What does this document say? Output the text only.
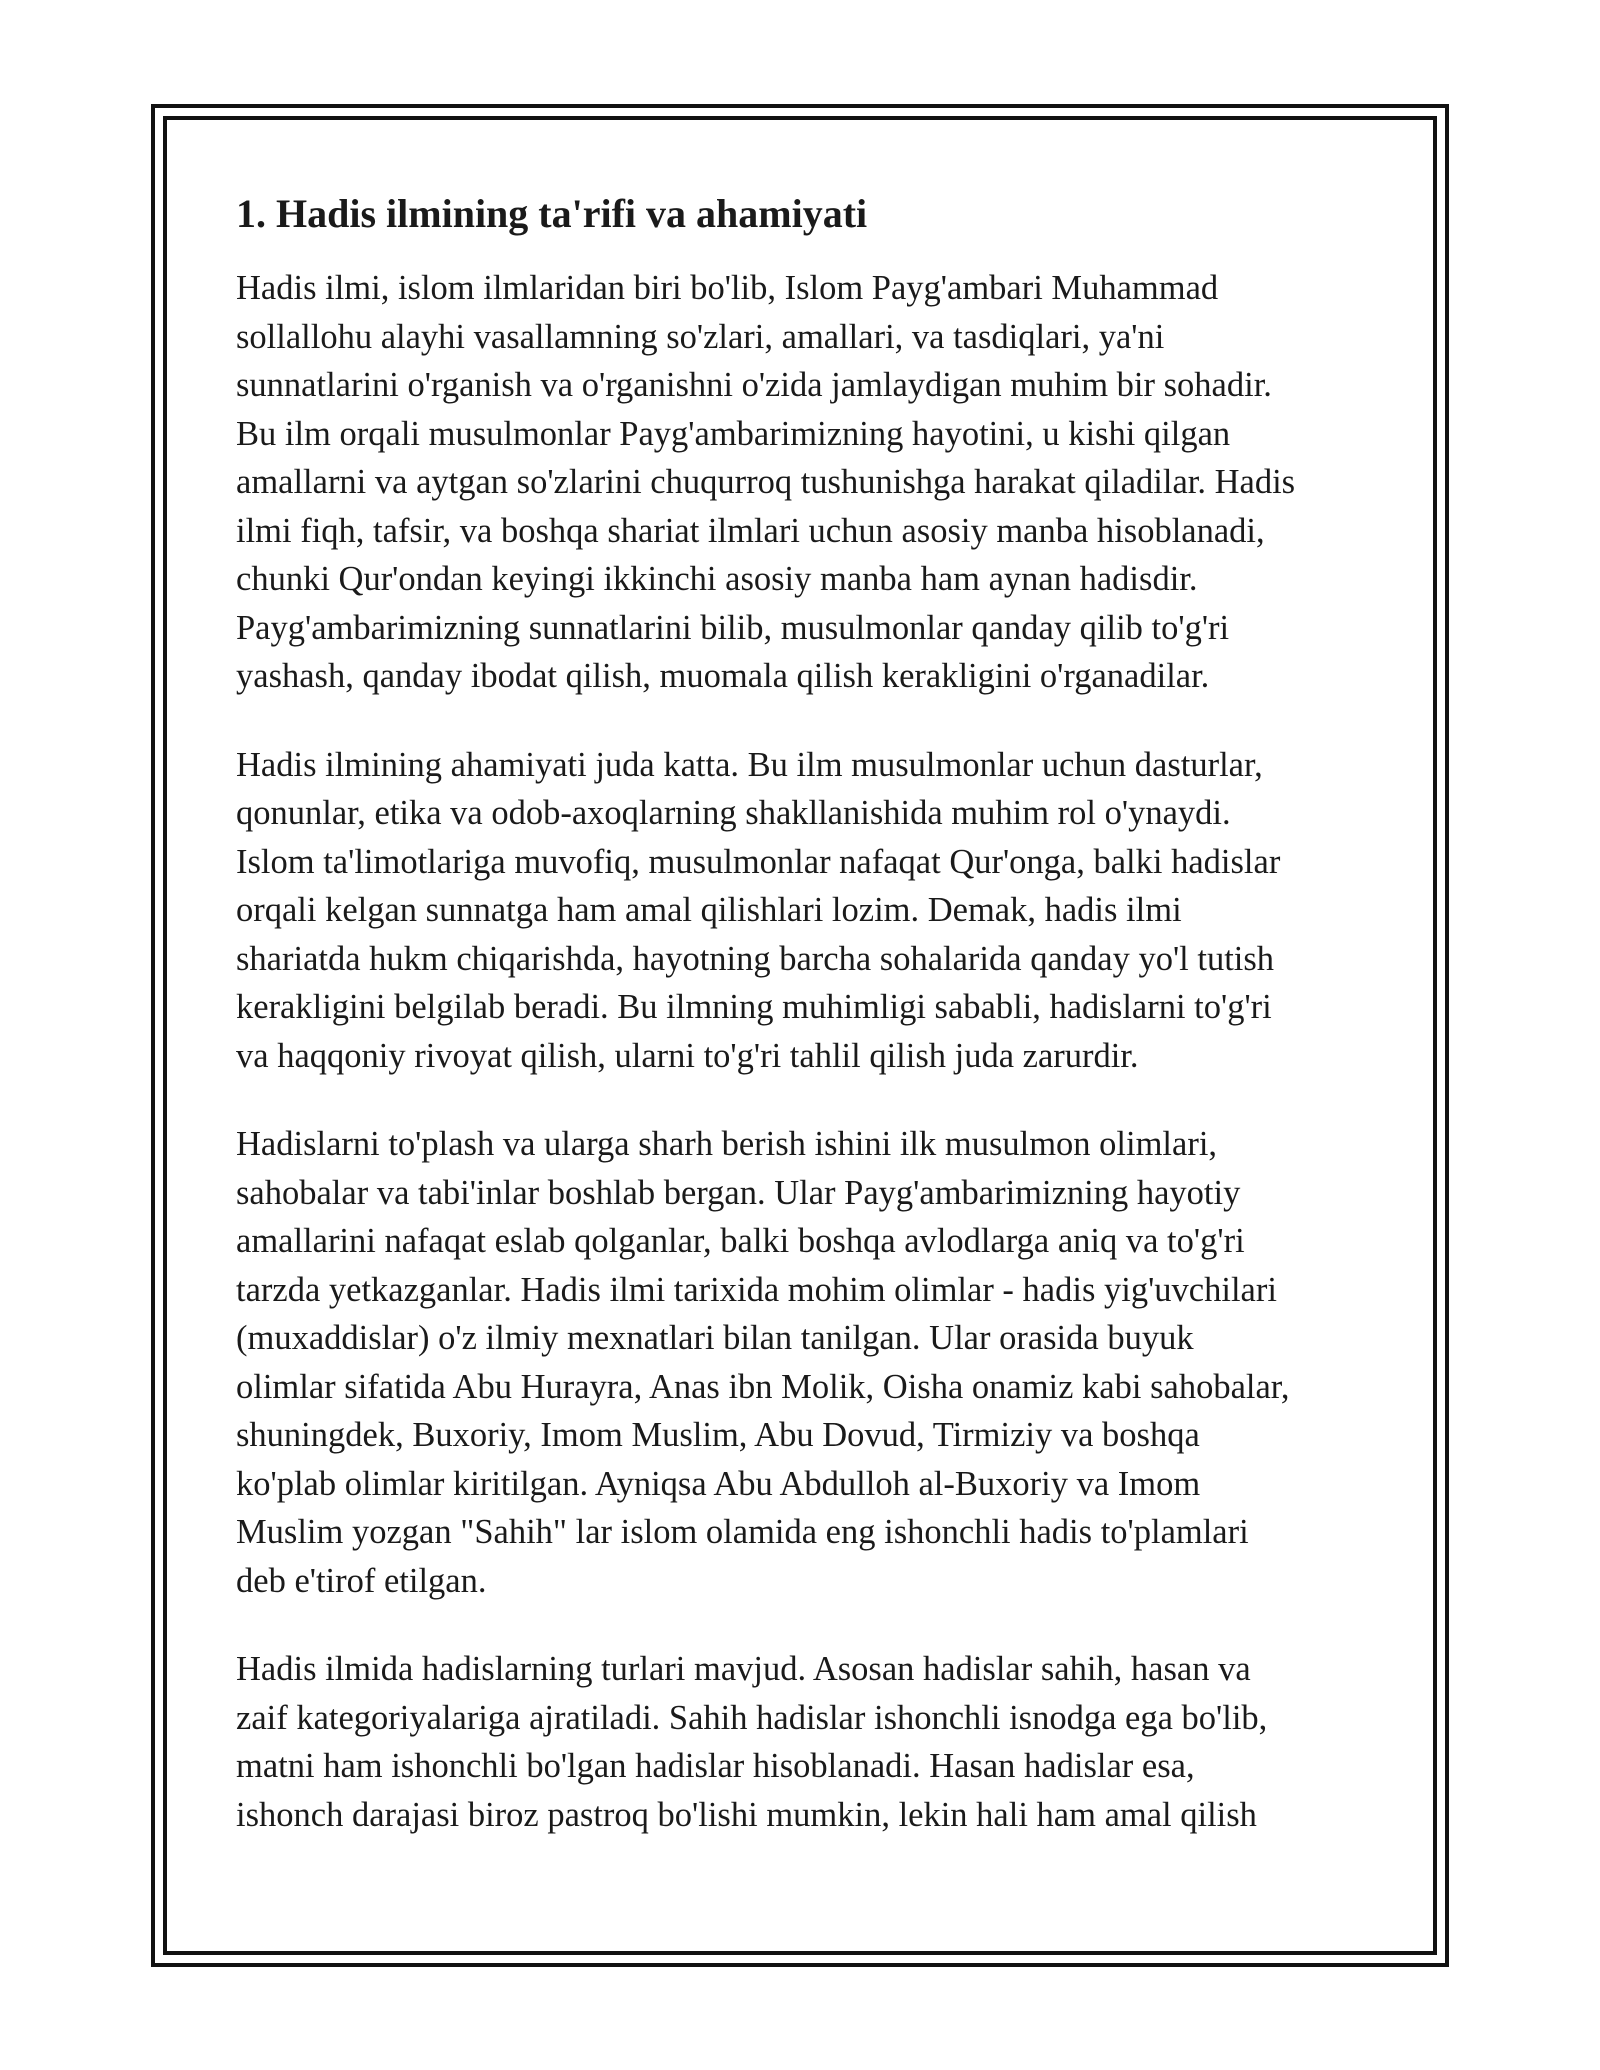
1. Hadis ilmining ta'rifi va ahamiyati

Hadis ilmi, islom ilmlaridan biri bo'lib, Islom Payg'ambari Muhammad
sollallohu alayhi vasallamning so'zlari, amallari, va tasdiqlari, ya'ni
sunnatlarini o'rganish va o'rganishni o'zida jamlaydigan muhim bir sohadir.
Bu ilm orqali musulmonlar Payg'ambarimizning hayotini, u kishi qilgan
amallarni va aytgan so'zlarini chuqurroq tushunishga harakat qiladilar. Hadis
ilmi fiqh, tafsir, va boshqa shariat ilmlari uchun asosiy manba hisoblanadi,
chunki Qur'ondan keyingi ikkinchi asosiy manba ham aynan hadisdir.
Payg'ambarimizning sunnatlarini bilib, musulmonlar qanday qilib to'g'ri
yashash, qanday ibodat qilish, muomala qilish kerakligini o'rganadilar.

Hadis ilmining ahamiyati juda katta. Bu ilm musulmonlar uchun dasturlar,
qonunlar, etika va odob-axoqlarning shakllanishida muhim rol o'ynaydi.
Islom ta'limotlariga muvofiq, musulmonlar nafaqat Qur'onga, balki hadislar
orqali kelgan sunnatga ham amal qilishlari lozim. Demak, hadis ilmi
shariatda hukm chiqarishda, hayotning barcha sohalarida qanday yo'l tutish
kerakligini belgilab beradi. Bu ilmning muhimligi sababli, hadislarni to'g'ri
va haqqoniy rivoyat qilish, ularni to'g'ri tahlil qilish juda zarurdir.

Hadislarni to'plash va ularga sharh berish ishini ilk musulmon olimlari,
sahobalar va tabi'inlar boshlab bergan. Ular Payg'ambarimizning hayotiy
amallarini nafaqat eslab qolganlar, balki boshqa avlodlarga aniq va to'g'ri
tarzda yetkazganlar. Hadis ilmi tarixida mohim olimlar - hadis yig'uvchilari
(muxaddislar) o'z ilmiy mexnatlari bilan tanilgan. Ular orasida buyuk
olimlar sifatida Abu Hurayra, Anas ibn Molik, Oisha onamiz kabi sahobalar,
shuningdek, Buxoriy, Imom Muslim, Abu Dovud, Tirmiziy va boshqa
ko'plab olimlar kiritilgan. Ayniqsa Abu Abdulloh al-Buxoriy va Imom
Muslim yozgan "Sahih" lar islom olamida eng ishonchli hadis to'plamlari
deb e'tirof etilgan.

Hadis ilmida hadislarning turlari mavjud. Asosan hadislar sahih, hasan va
zaif kategoriyalariga ajratiladi. Sahih hadislar ishonchli isnodga ega bo'lib,
matni ham ishonchli bo'lgan hadislar hisoblanadi. Hasan hadislar esa,
ishonch darajasi biroz pastroq bo'lishi mumkin, lekin hali ham amal qilish
